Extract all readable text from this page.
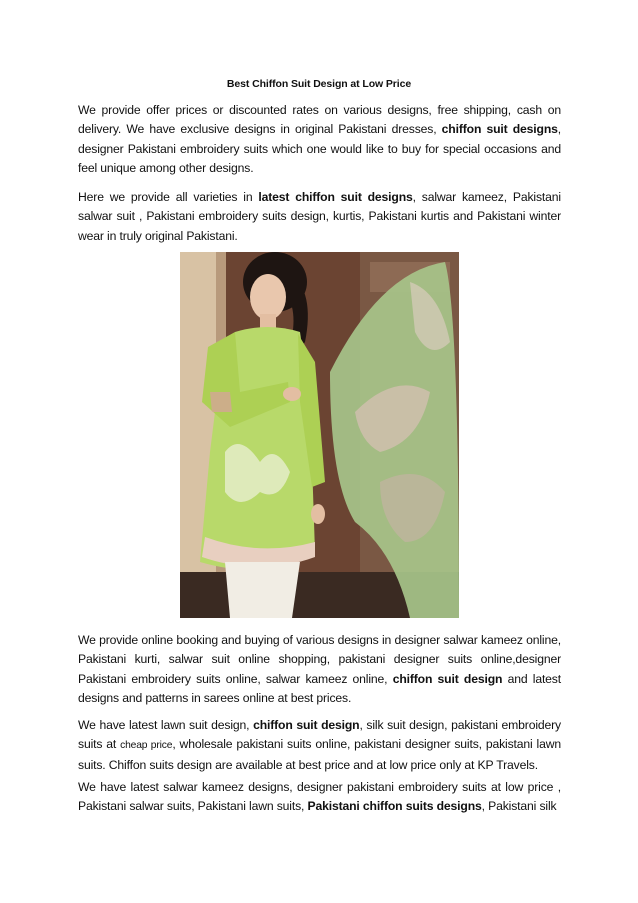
Best Chiffon Suit Design at Low Price

We provide offer prices or discounted rates on various designs, free shipping, cash on delivery. We have exclusive designs in original Pakistani dresses, chiffon suit designs, designer Pakistani embroidery suits which one would like to buy for special occasions and feel unique among other designs.

Here we provide all varieties in latest chiffon suit designs, salwar kameez, Pakistani salwar suit , Pakistani embroidery suits design, kurtis, Pakistani kurtis and Pakistani winter wear in truly original Pakistani.

We provide online booking and buying of various designs in designer salwar kameez online, Pakistani kurti, salwar suit online shopping, pakistani designer suits online,designer Pakistani embroidery suits online, salwar kameez online, chiffon suit design and latest designs and patterns in sarees online at best prices.

We have latest lawn suit design, chiffon suit design, silk suit design, pakistani embroidery suits at cheap price, wholesale pakistani suits online, pakistani designer suits, pakistani lawn suits. Chiffon suits design are available at best price and at low price only at KP Travels.

We have latest salwar kameez designs, designer pakistani embroidery suits at low price , Pakistani salwar suits, Pakistani lawn suits, Pakistani chiffon suits designs, Pakistani silk
